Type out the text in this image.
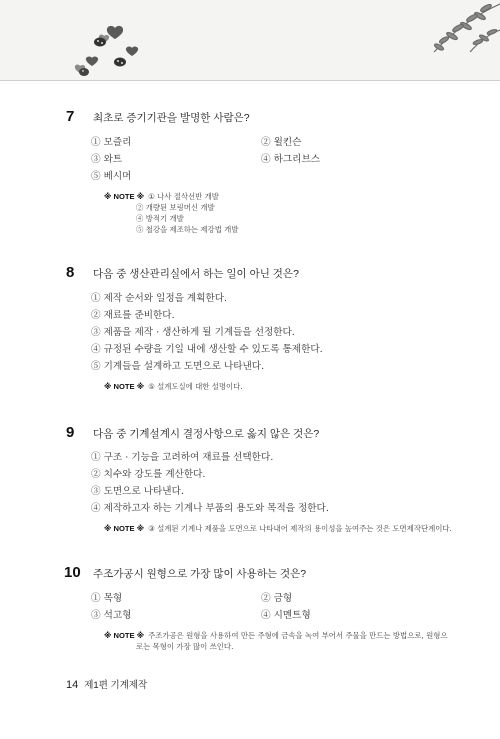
7 최초로 증기기관을 발명한 사람은?
① 모즐리	② 윌킨슨
③ 와트	④ 하그리브스
⑤ 베시머
※ NOTE ※ ① 나사 절삭선반 개발
② 개량된 보링머신 개발
④ 방적기 개발
⑤ 철강을 제조하는 제강법 개발
8 다음 중 생산관리실에서 하는 일이 아닌 것은?
① 제작 순서와 일정을 계획한다.
② 재료를 준비한다.
③ 제품을 제작 · 생산하게 될 기계들을 선정한다.
④ 규정된 수량을 기일 내에 생산할 수 있도록 통제한다.
⑤ 기계들을 설계하고 도면으로 나타낸다.
※ NOTE ※ ⑤ 설계도실에 대한 설명이다.
9 다음 중 기계설계시 결정사항으로 옳지 않은 것은?
① 구조 · 기능을 고려하여 재료를 선택한다.
② 치수와 강도를 계산한다.
③ 도면으로 나타낸다.
④ 제작하고자 하는 기계나 부품의 용도와 목적을 정한다.
※ NOTE ※ ③ 설계된 기계나 제품을 도면으로 나타내어 제작의 용이성을 높여주는 것은 도면제작단계이다.
10 주조가공시 원형으로 가장 많이 사용하는 것은?
① 목형	② 금형
③ 석고형	④ 시멘트형
※ NOTE ※ 주조가공은 원형을 사용하여 만든 주형에 금속을 녹여 부어서 주물을 만드는 방법으로, 원형으
로는 목형이 가장 많이 쓰인다.
14 제1편 기계제작
